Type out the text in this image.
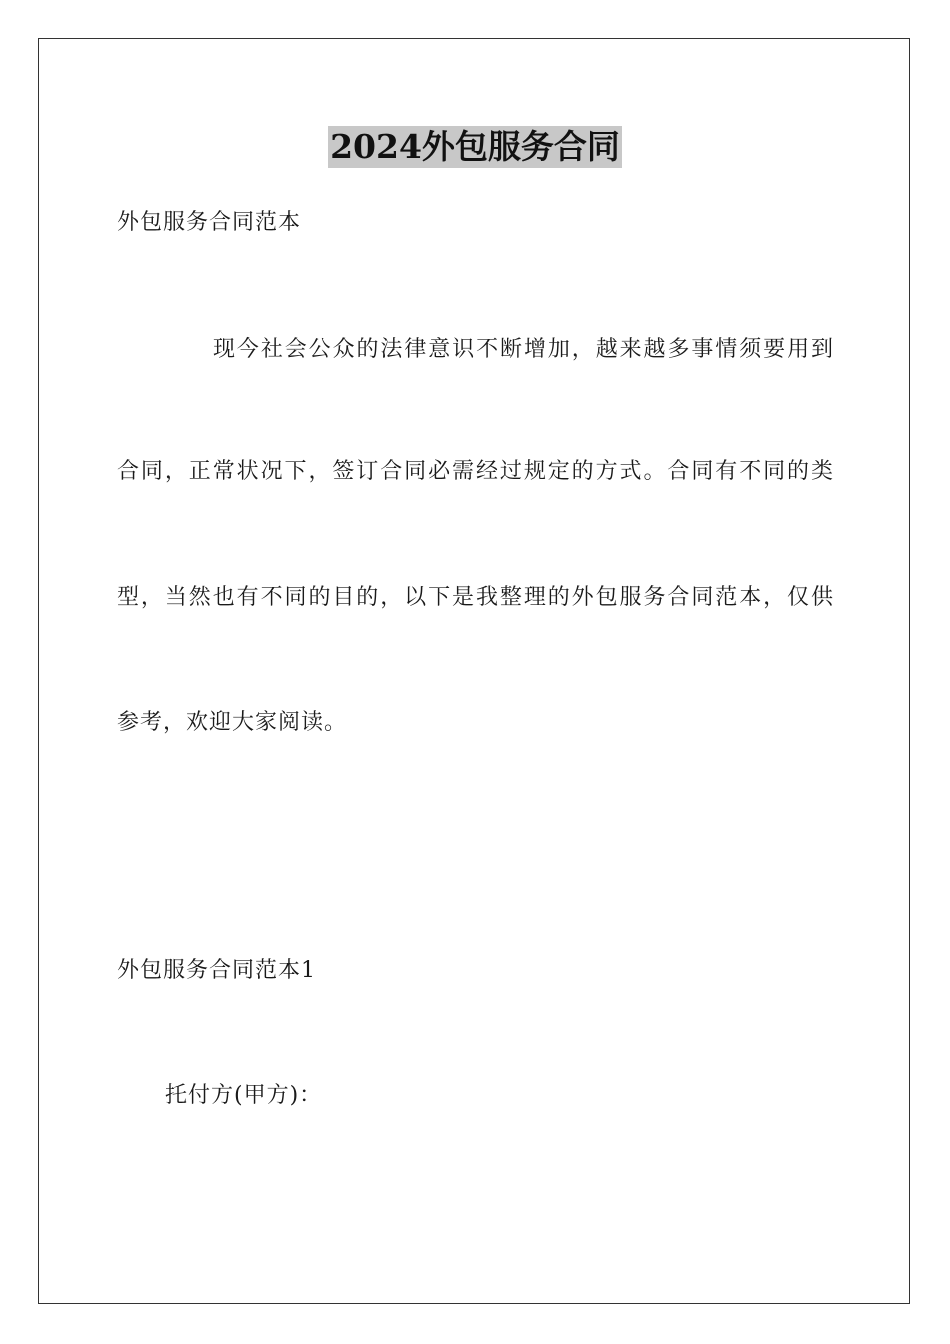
2024外包服务合同
外包服务合同范本
现今社会公众的法律意识不断增加，越来越多事情须要用到
合同，正常状况下，签订合同必需经过规定的方式。合同有不同的类
型，当然也有不同的目的，以下是我整理的外包服务合同范本，仅供
参考，欢迎大家阅读。
外包服务合同范本1
托付方(甲方)：
